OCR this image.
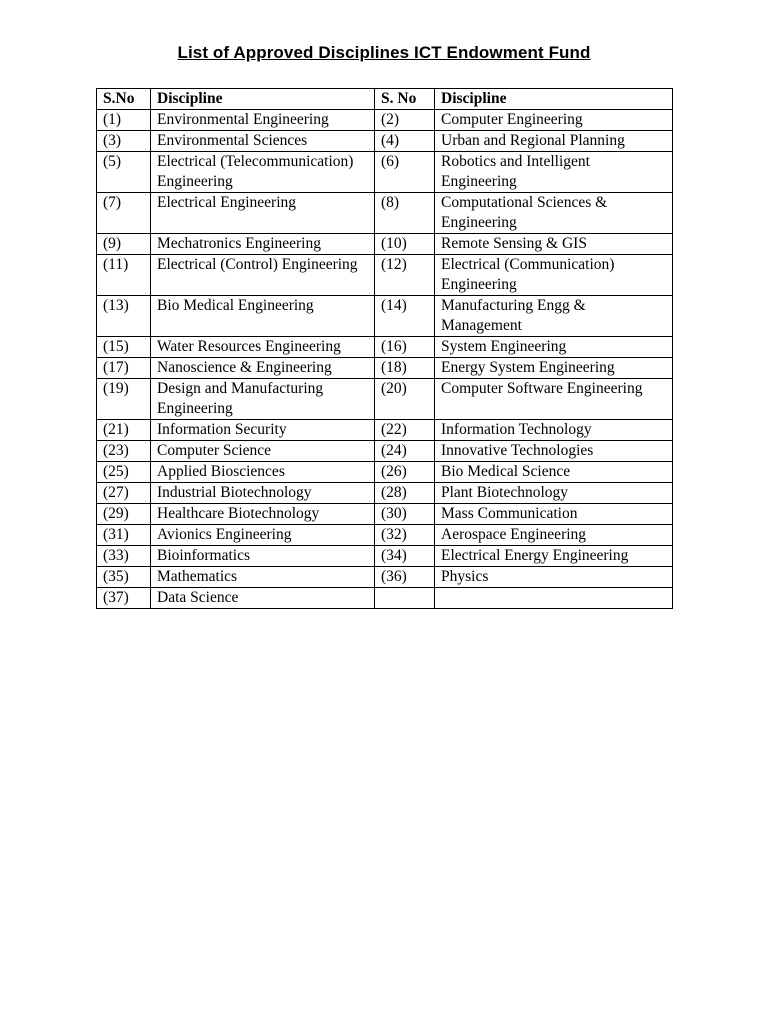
List of Approved Disciplines ICT Endowment Fund
S.No	Discipline	S. No	Discipline
(1)	Environmental Engineering	(2)	Computer Engineering
(3)	Environmental Sciences	(4)	Urban and Regional Planning
(5)	Electrical (Telecommunication) Engineering	(6)	Robotics and Intelligent Engineering
(7)	Electrical Engineering	(8)	Computational Sciences & Engineering
(9)	Mechatronics Engineering	(10)	Remote Sensing & GIS
(11)	Electrical (Control) Engineering	(12)	Electrical (Communication) Engineering
(13)	Bio Medical Engineering	(14)	Manufacturing Engg & Management
(15)	Water Resources Engineering	(16)	System Engineering
(17)	Nanoscience & Engineering	(18)	Energy System Engineering
(19)	Design and Manufacturing Engineering	(20)	Computer Software Engineering
(21)	Information Security	(22)	Information Technology
(23)	Computer Science	(24)	Innovative Technologies
(25)	Applied Biosciences	(26)	Bio Medical Science
(27)	Industrial Biotechnology	(28)	Plant Biotechnology
(29)	Healthcare Biotechnology	(30)	Mass Communication
(31)	Avionics Engineering	(32)	Aerospace Engineering
(33)	Bioinformatics	(34)	Electrical Energy Engineering
(35)	Mathematics	(36)	Physics
(37)	Data Science		
